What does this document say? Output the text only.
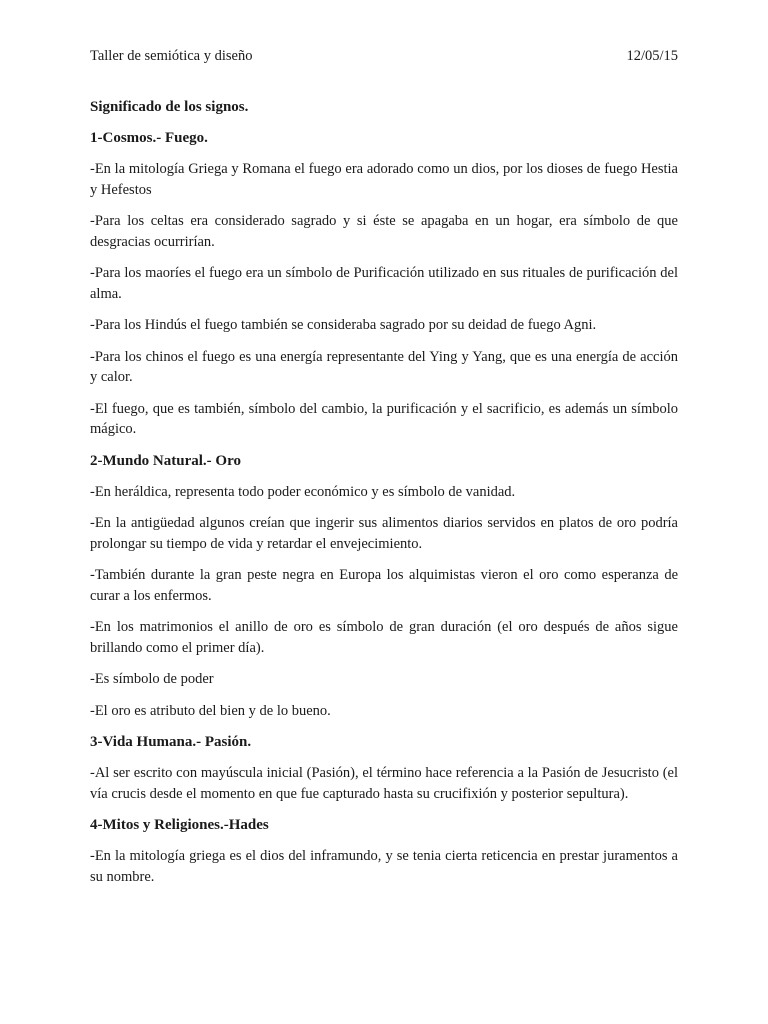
Taller de semiótica y diseño	12/05/15
Significado de los signos.
1-Cosmos.- Fuego.
-En la mitología Griega y Romana el fuego era adorado como un dios, por los dioses de fuego Hestia y Hefestos
-Para los celtas era considerado sagrado y si éste se apagaba en un hogar, era símbolo de que desgracias ocurrirían.
-Para los maoríes el fuego era un símbolo de Purificación utilizado en sus rituales de purificación del alma.
-Para los Hindús el fuego también se consideraba sagrado por su deidad de fuego Agni.
-Para los chinos el fuego es una energía representante del Ying y Yang, que es una energía de acción y calor.
-El fuego, que es también, símbolo del cambio, la purificación y el sacrificio, es además un símbolo mágico.
2-Mundo Natural.- Oro
-En heráldica, representa todo poder económico y es símbolo de vanidad.
-En la antigüedad algunos creían que ingerir sus alimentos diarios servidos en platos de oro podría prolongar su tiempo de vida y retardar el envejecimiento.
-También durante la gran peste negra en Europa los alquimistas vieron el oro como esperanza de curar a los enfermos.
-En los matrimonios el anillo de oro es símbolo de gran duración (el oro después de años sigue brillando como el primer día).
-Es símbolo de poder
-El oro es atributo del bien y de lo bueno.
3-Vida Humana.- Pasión.
-Al ser escrito con mayúscula inicial (Pasión), el término hace referencia a la Pasión de Jesucristo (el vía crucis desde el momento en que fue capturado hasta su crucifixión y posterior sepultura).
4-Mitos y Religiones.-Hades
-En la mitología griega es el dios del inframundo, y se tenia cierta reticencia en prestar juramentos a su nombre.
